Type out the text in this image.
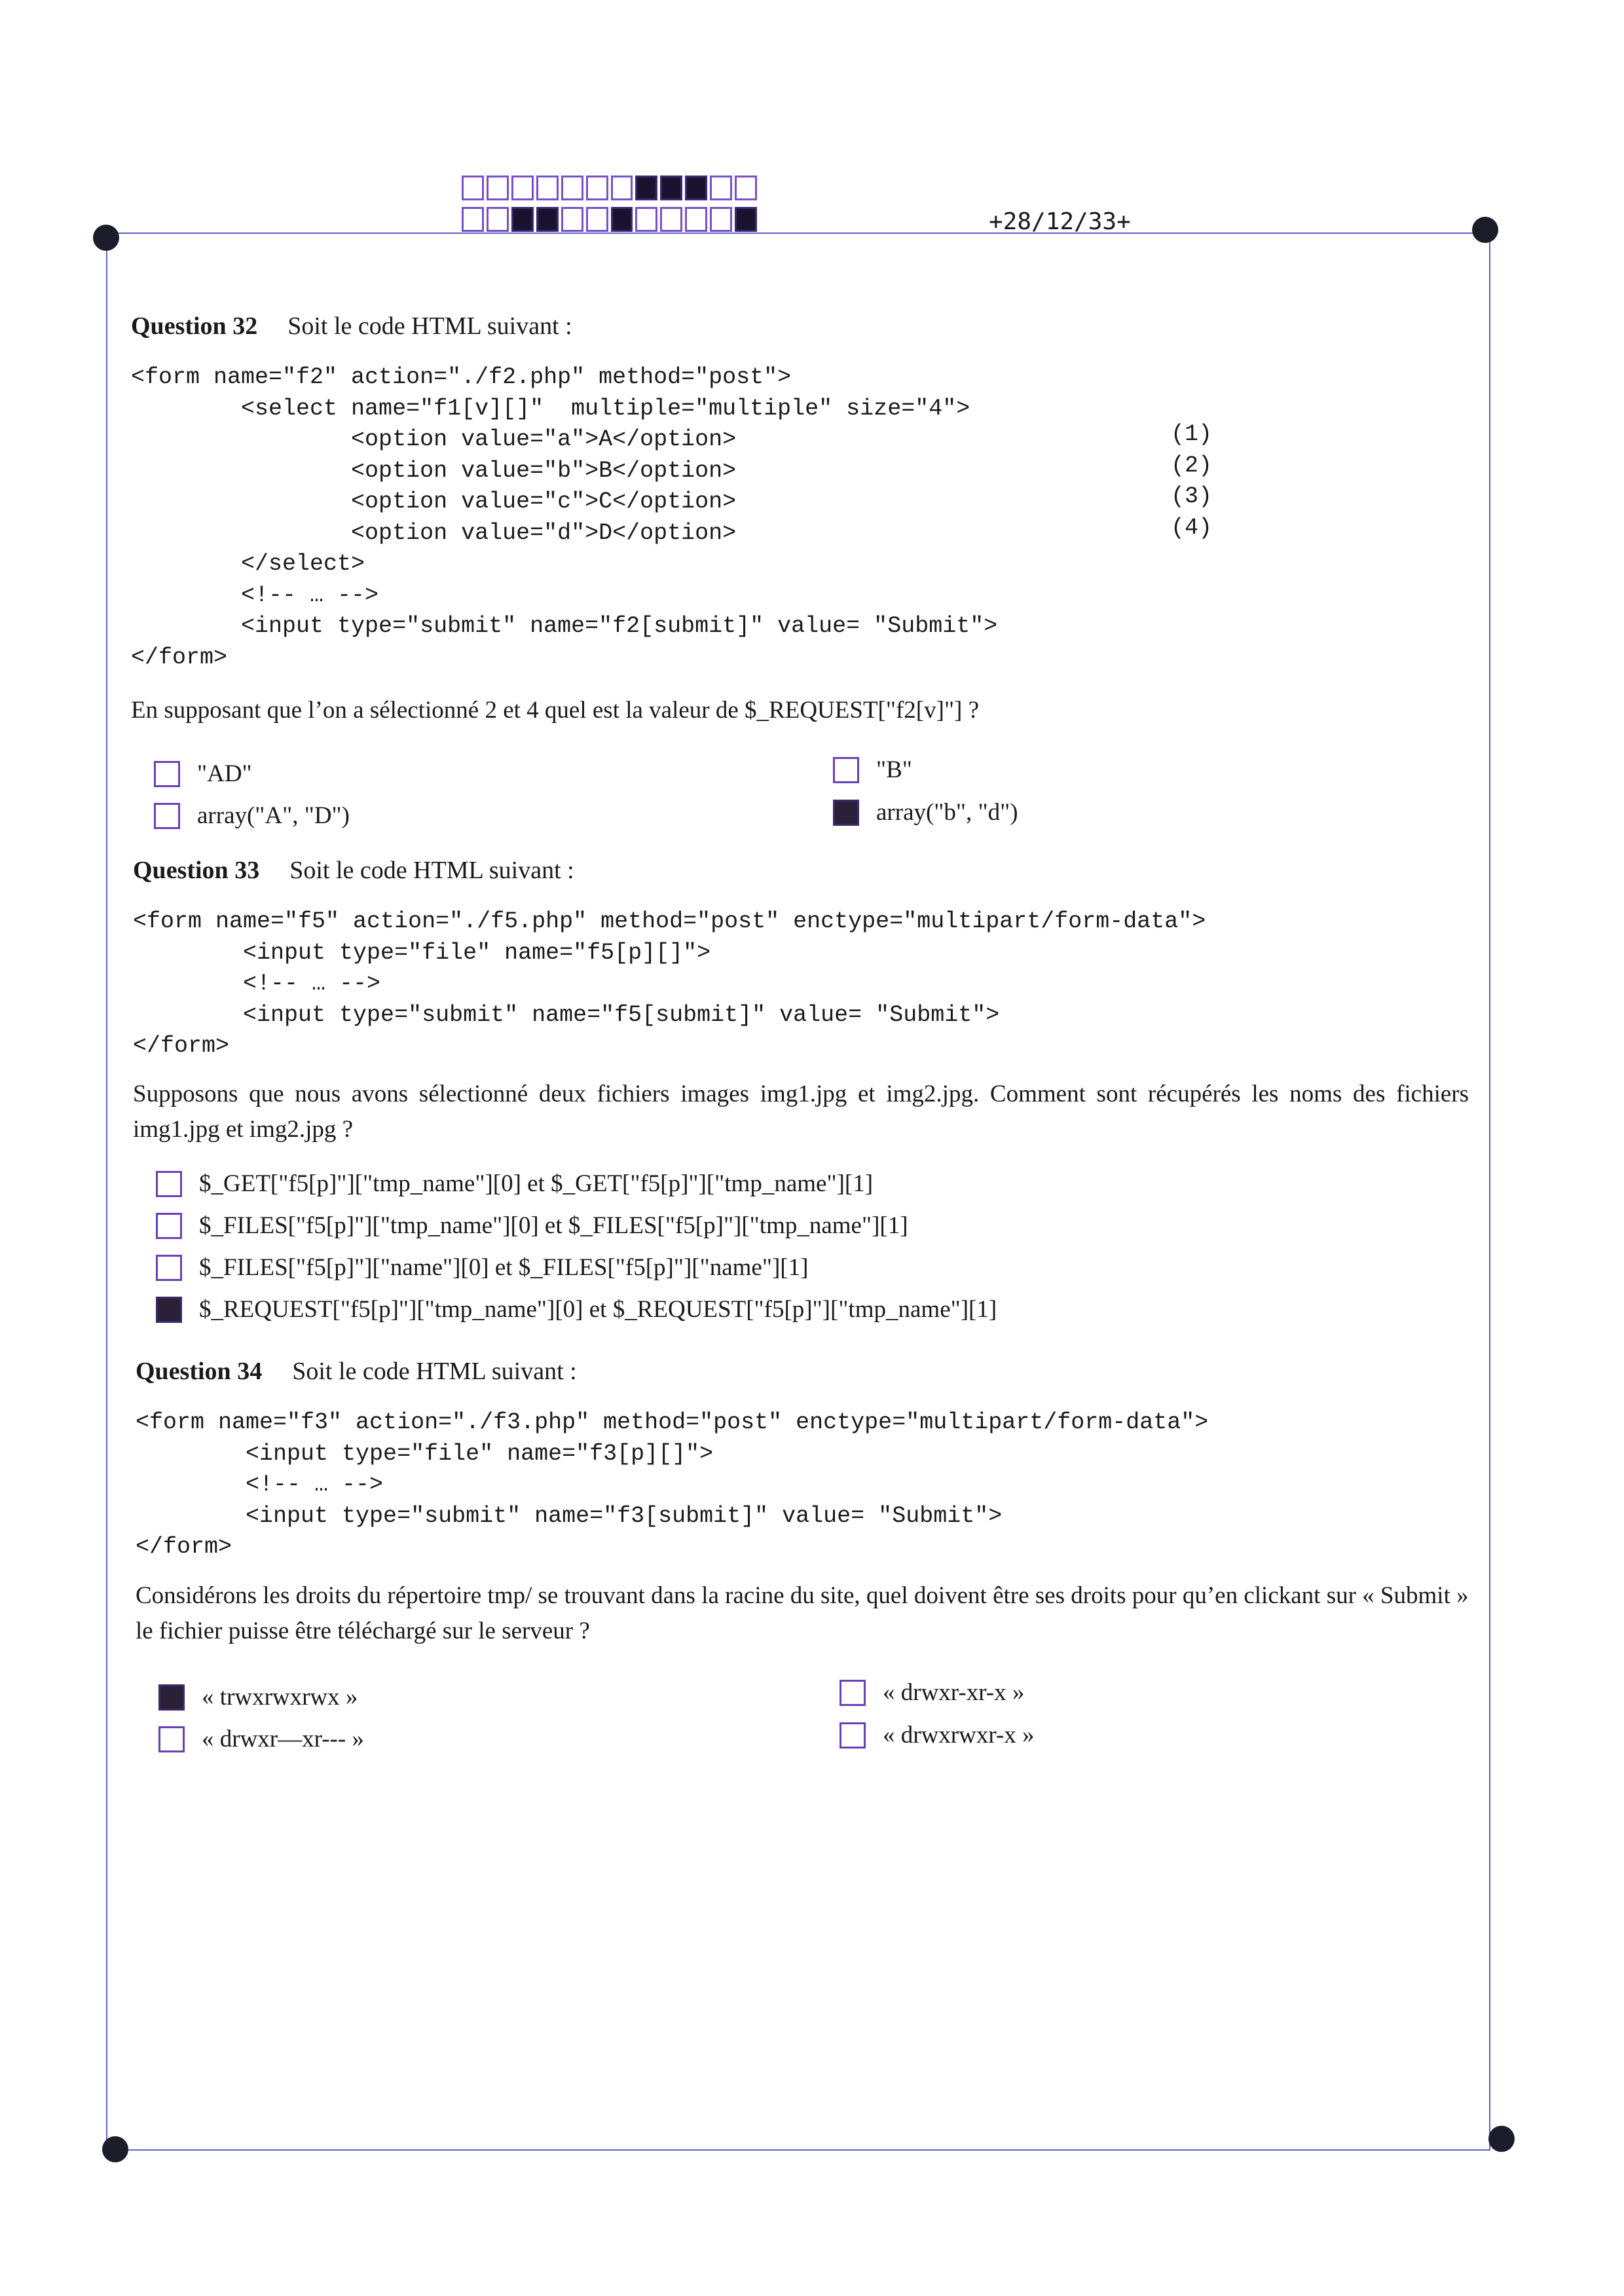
+28/12/33+
Question 32 Soit le code HTML suivant :
<form name="f2" action="./f2.php" method="post">
<select name="f1[v][]"  multiple="multiple" size="4">
<option value="a">A</option>
<option value="b">B</option>
<option value="c">C</option>
<option value="d">D</option>
</select>
<!-- … -->
<input type="submit" name="f2[submit]" value= "Submit">
</form>
(1)
(2)
(3)
(4)
En supposant que l’on a sélectionné 2 et 4 quel est la valeur de $_REQUEST["f2[v]"] ?
"AD"	"B"
array("A", "D")	array("b", "d")
Question 33 Soit le code HTML suivant :
<form name="f5" action="./f5.php" method="post" enctype="multipart/form-data">
<input type="file" name="f5[p][]">
<!-- … -->
<input type="submit" name="f5[submit]" value= "Submit">
</form>
Supposons que nous avons sélectionné deux fichiers images img1.jpg et img2.jpg. Comment sont récupérés les noms des fichiers img1.jpg et img2.jpg ?
$_GET["f5[p]"]["tmp_name"][0] et $_GET["f5[p]"]["tmp_name"][1]
$_FILES["f5[p]"]["tmp_name"][0] et $_FILES["f5[p]"]["tmp_name"][1]
$_FILES["f5[p]"]["name"][0] et $_FILES["f5[p]"]["name"][1]
$_REQUEST["f5[p]"]["tmp_name"][0] et $_REQUEST["f5[p]"]["tmp_name"][1]
Question 34 Soit le code HTML suivant :
<form name="f3" action="./f3.php" method="post" enctype="multipart/form-data">
<input type="file" name="f3[p][]">
<!-- … -->
<input type="submit" name="f3[submit]" value= "Submit">
</form>
Considérons les droits du répertoire tmp/ se trouvant dans la racine du site, quel doivent être ses droits pour qu’en clickant sur « Submit » le fichier puisse être téléchargé sur le serveur ?
« trwxrwxrwx »	« drwxr-xr-x »
« drwxr—xr--- »	« drwxrwxr-x »
